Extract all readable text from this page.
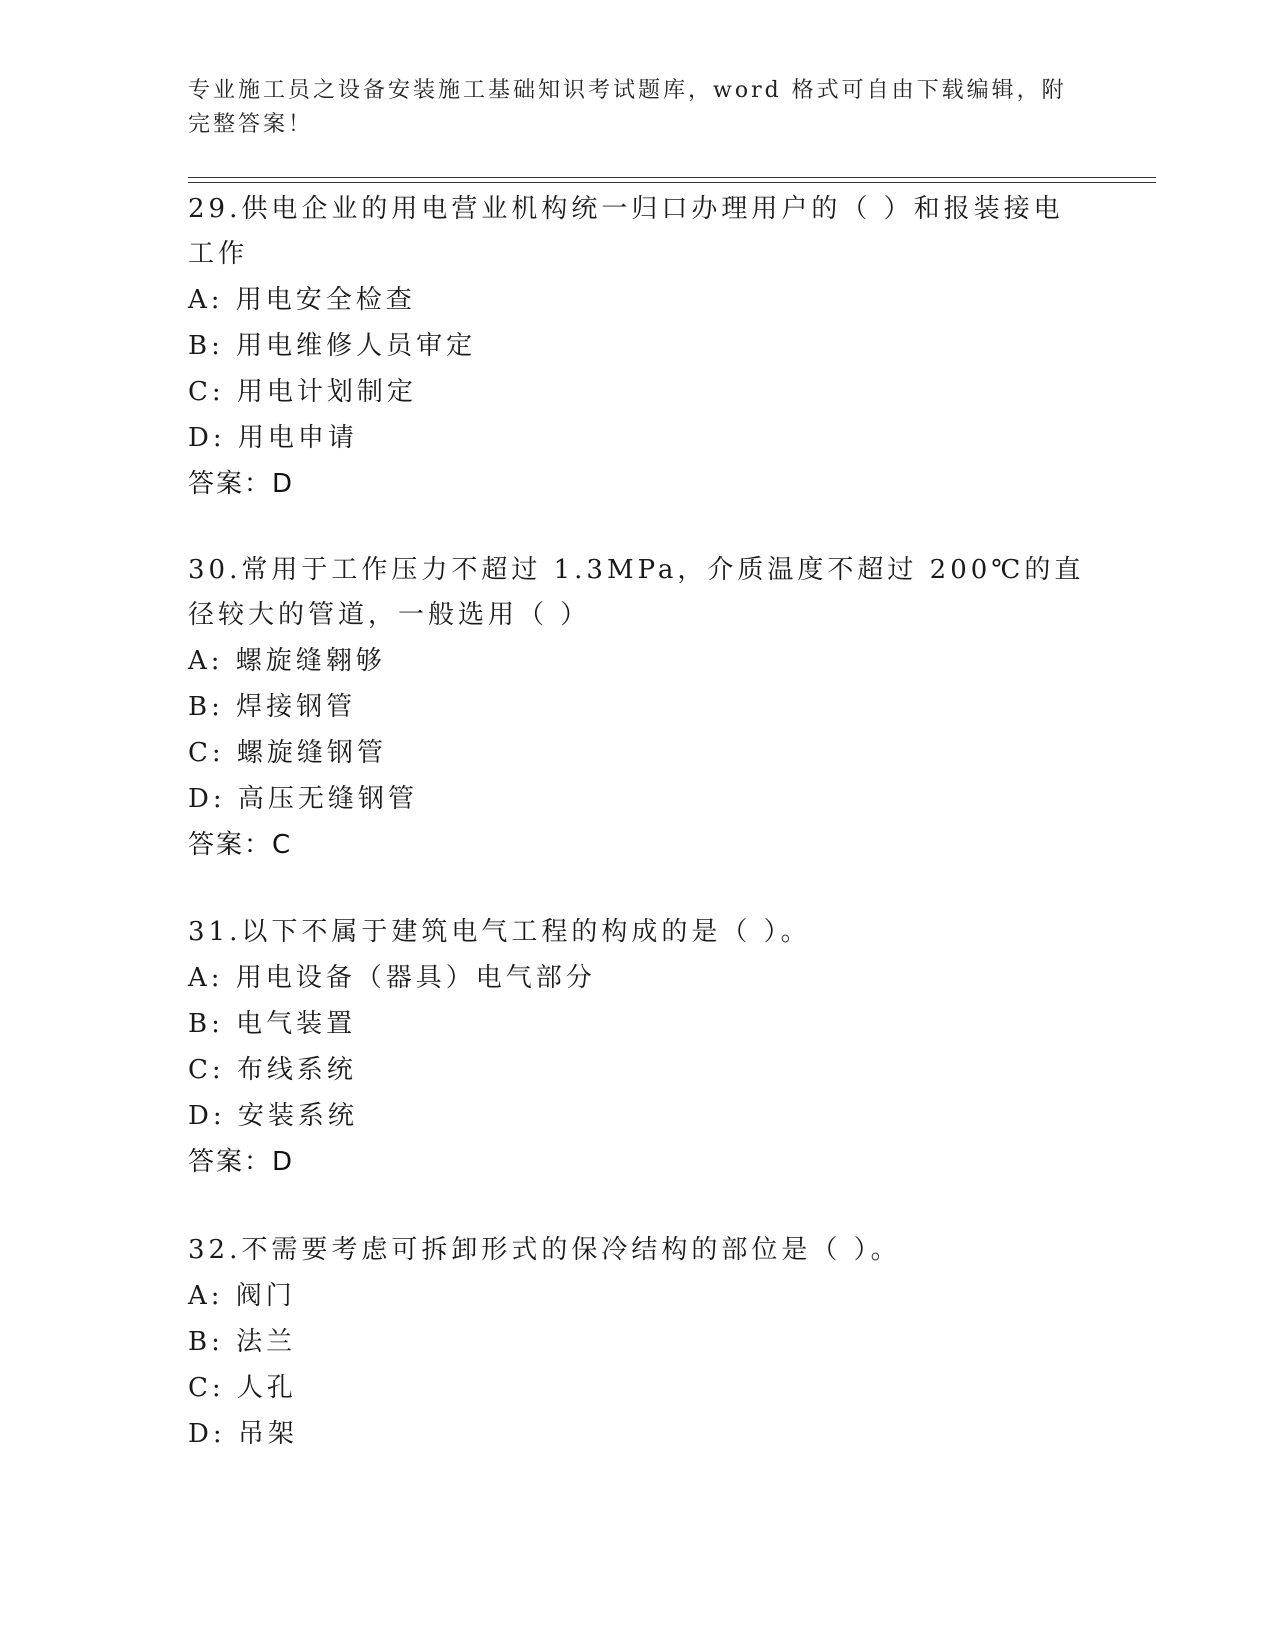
专业施工员之设备安装施工基础知识考试题库，word 格式可自由下载编辑，附完整答案！
29.供电企业的用电营业机构统一归口办理用户的（ ）和报装接电工作
A: 用电安全检查
B: 用电维修人员审定
C: 用电计划制定
D: 用电申请
答案：D
30.常用于工作压力不超过 1.3MPa，介质温度不超过 200℃的直径较大的管道，一般选用（ ）
A: 螺旋缝翱够
B: 焊接钢管
C: 螺旋缝钢管
D: 高压无缝钢管
答案：C
31.以下不属于建筑电气工程的构成的是（ ）。
A: 用电设备（器具）电气部分
B: 电气装置
C: 布线系统
D: 安装系统
答案：D
32.不需要考虑可拆卸形式的保冷结构的部位是（ ）。
A: 阀门
B: 法兰
C: 人孔
D: 吊架
